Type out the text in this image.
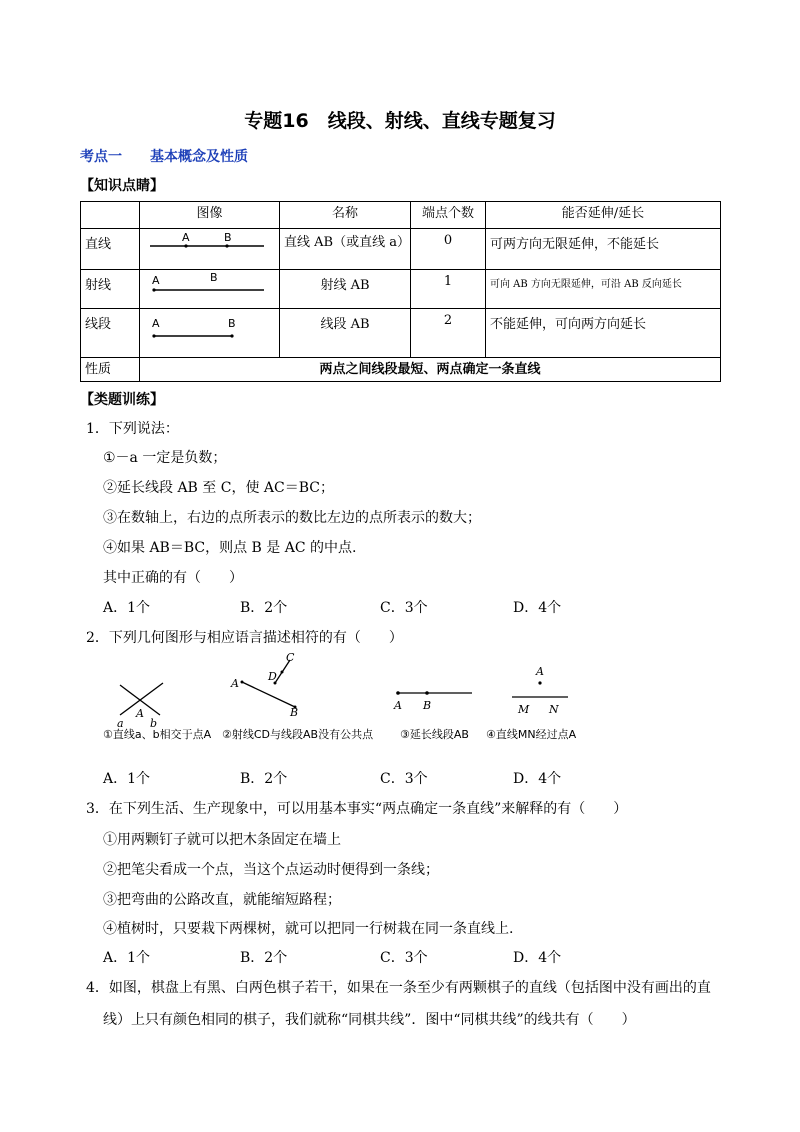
专题16　线段、射线、直线专题复习
考点一　　基本概念及性质
【知识点睛】
	图像	名称	端点个数	能否延伸/延长
直线	A B	直线 AB（或直线 a）	0	可两方向无限延伸，不能延长
射线	A B	射线 AB	1	可向 AB 方向无限延伸，可沿 AB 反向延长
线段	A B	线段 AB	2	不能延伸，可向两方向延长
性质	两点之间线段最短、两点确定一条直线			
【类题训练】
1．下列说法：
①－a 一定是负数；
②延长线段 AB 至 C，使 AC＝BC；
③在数轴上，右边的点所表示的数比左边的点所表示的数大；
④如果 AB＝BC，则点 B 是 AC 的中点.
其中正确的有（　　）
A．1个	B．2个	C．3个	D．4个
2．下列几何图形与相应语言描述相符的有（　　）
a
A
b
A
C
D
B
A B
A
M N
①直线a、b相交于点A ②射线CD与线段AB没有公共点 ③延长线段AB ④直线MN经过点A
A．1个	B．2个	C．3个	D．4个
3．在下列生活、生产现象中，可以用基本事实“两点确定一条直线”来解释的有（　　）
①用两颗钉子就可以把木条固定在墙上
②把笔尖看成一个点，当这个点运动时便得到一条线；
③把弯曲的公路改直，就能缩短路程；
④植树时，只要栽下两棵树，就可以把同一行树栽在同一条直线上.
A．1个	B．2个	C．3个	D．4个
4．如图，棋盘上有黑、白两色棋子若干，如果在一条至少有两颗棋子的直线（包括图中没有画出的直
线）上只有颜色相同的棋子，我们就称“同棋共线”．图中“同棋共线”的线共有（　　）
